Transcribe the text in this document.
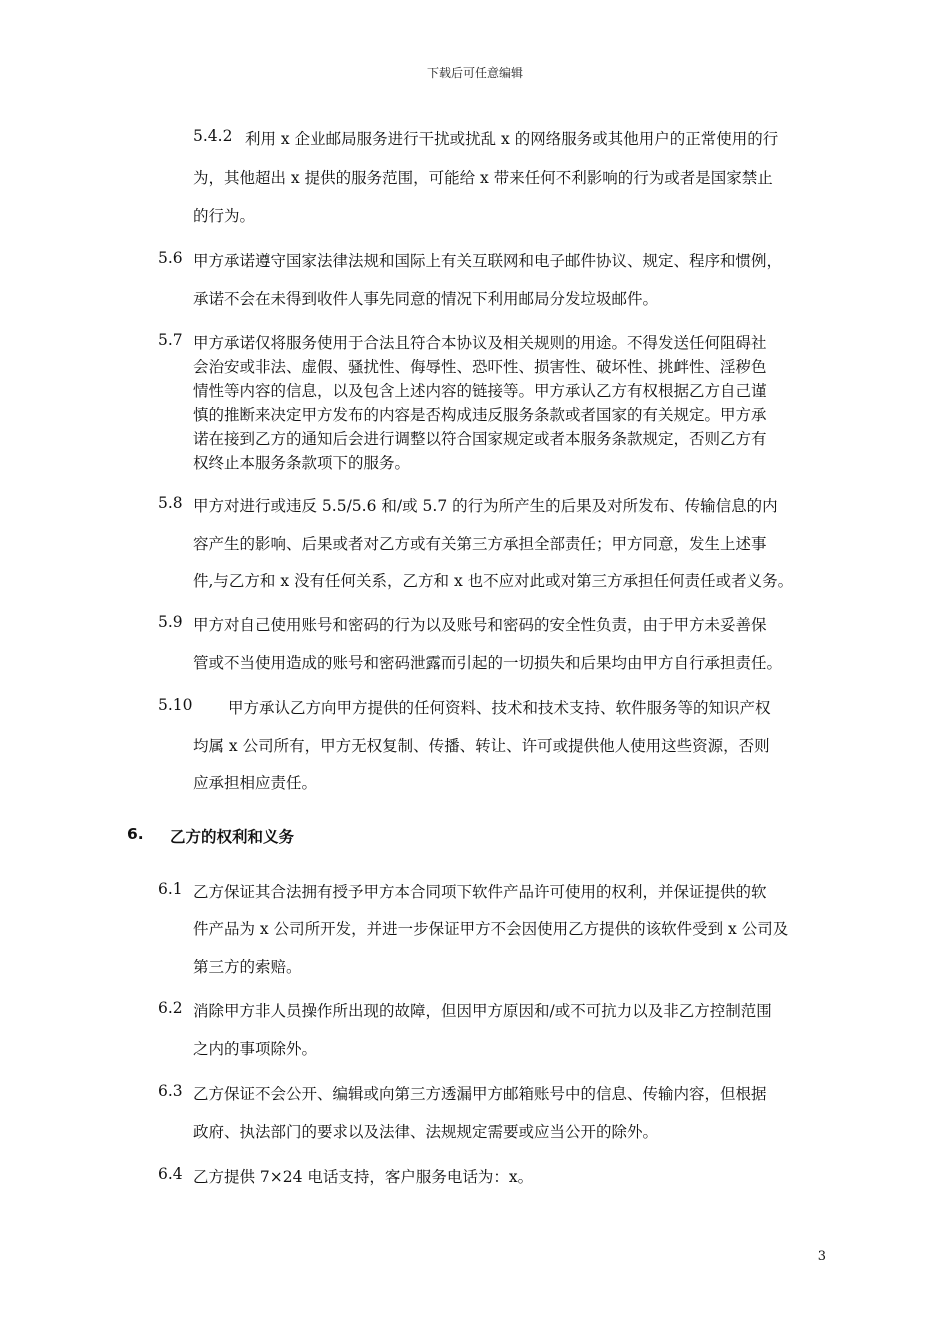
下载后可任意编辑
5.4.2 利用 x 企业邮局服务进行干扰或扰乱 x 的网络服务或其他用户的正常使用的行
为，其他超出 x 提供的服务范围，可能给 x 带来任何不利影响的行为或者是国家禁止
的行为。
5.6 甲方承诺遵守国家法律法规和国际上有关互联网和电子邮件协议、规定、程序和惯例，
承诺不会在未得到收件人事先同意的情况下利用邮局分发垃圾邮件。
5.7 甲方承诺仅将服务使用于合法且符合本协议及相关规则的用途。不得发送任何阻碍社
会治安或非法、虚假、骚扰性、侮辱性、恐吓性、损害性、破坏性、挑衅性、淫秽色
情性等内容的信息，以及包含上述内容的链接等。甲方承认乙方有权根据乙方自己谨
慎的推断来决定甲方发布的内容是否构成违反服务条款或者国家的有关规定。甲方承
诺在接到乙方的通知后会进行调整以符合国家规定或者本服务条款规定，否则乙方有
权终止本服务条款项下的服务。
5.8 甲方对进行或违反 5.5/5.6 和/或 5.7 的行为所产生的后果及对所发布、传输信息的内
容产生的影响、后果或者对乙方或有关第三方承担全部责任；甲方同意，发生上述事
件,与乙方和 x 没有任何关系，乙方和 x 也不应对此或对第三方承担任何责任或者义务。
5.9 甲方对自己使用账号和密码的行为以及账号和密码的安全性负责，由于甲方未妥善保
管或不当使用造成的账号和密码泄露而引起的一切损失和后果均由甲方自行承担责任。
5.10 甲方承认乙方向甲方提供的任何资料、技术和技术支持、软件服务等的知识产权
均属 x 公司所有，甲方无权复制、传播、转让、许可或提供他人使用这些资源，否则
应承担相应责任。
6. 乙方的权利和义务
6.1 乙方保证其合法拥有授予甲方本合同项下软件产品许可使用的权利，并保证提供的软
件产品为 x 公司所开发，并进一步保证甲方不会因使用乙方提供的该软件受到 x 公司及
第三方的索赔。
6.2 消除甲方非人员操作所出现的故障，但因甲方原因和/或不可抗力以及非乙方控制范围
之内的事项除外。
6.3 乙方保证不会公开、编辑或向第三方透漏甲方邮箱账号中的信息、传输内容，但根据
政府、执法部门的要求以及法律、法规规定需要或应当公开的除外。
6.4 乙方提供 7×24 电话支持，客户服务电话为：x。
3
